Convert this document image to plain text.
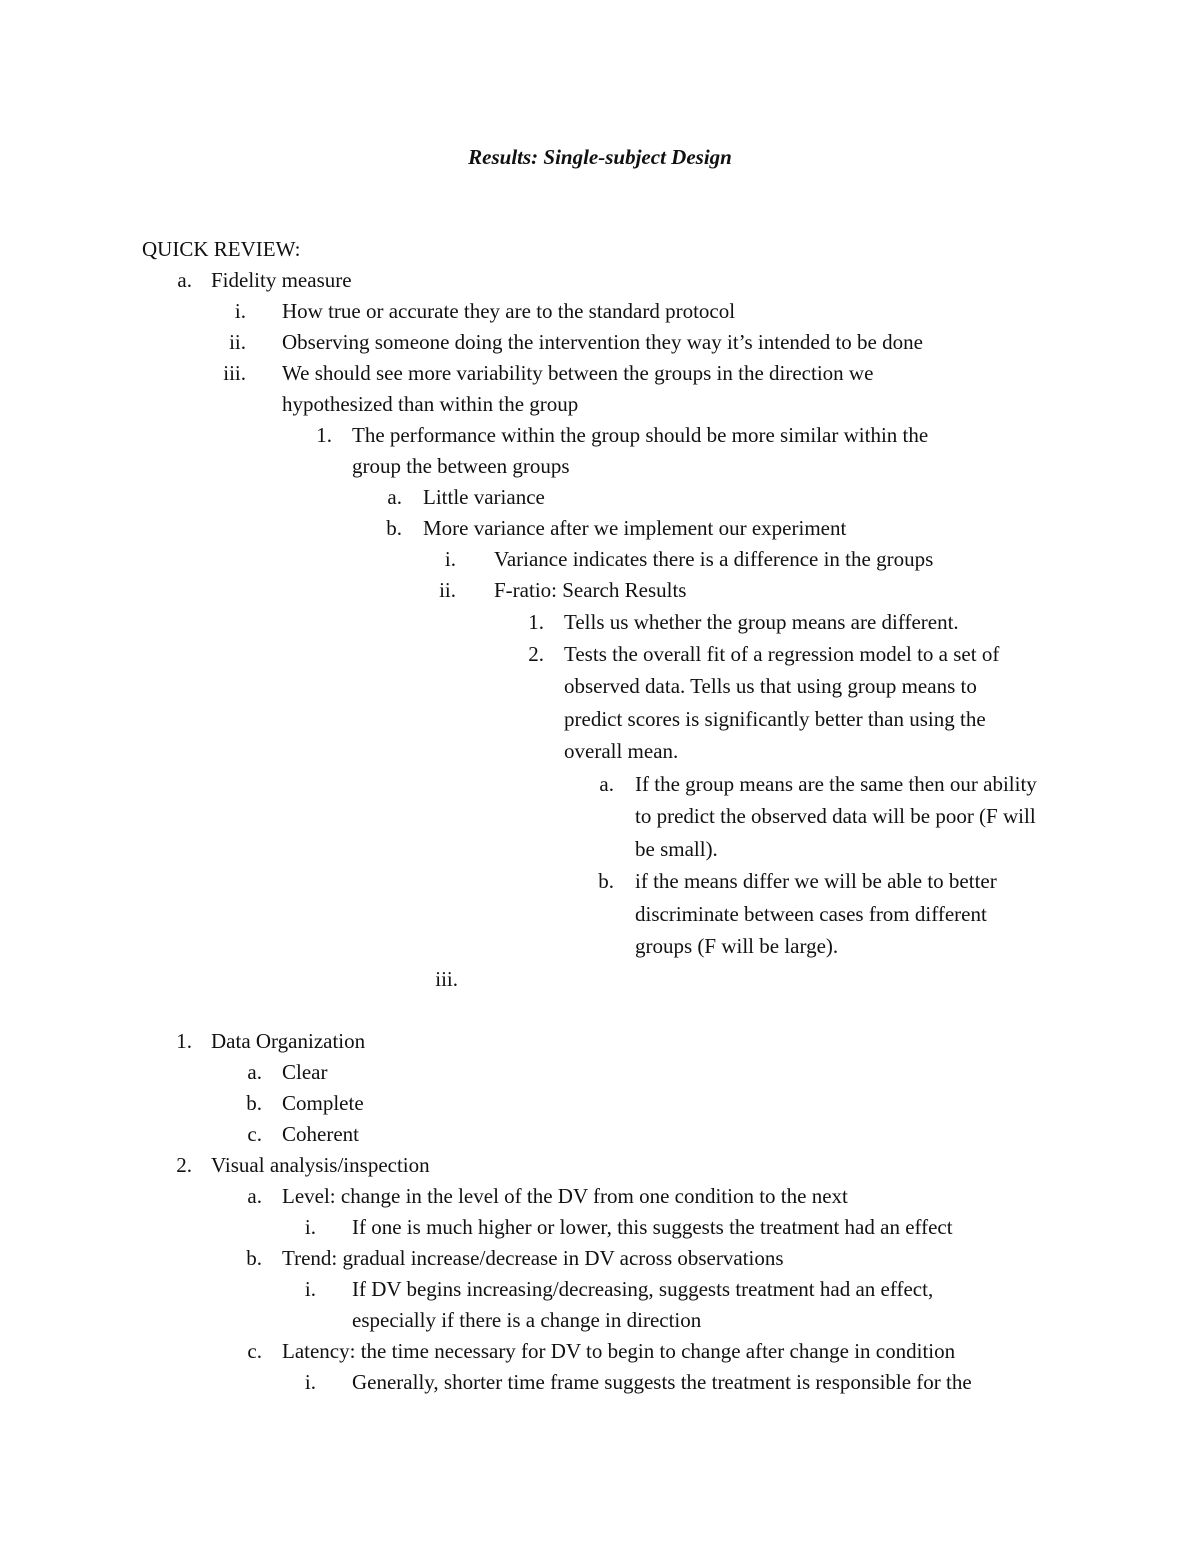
Results: Single-subject Design
QUICK REVIEW:
a. Fidelity measure
i. How true or accurate they are to the standard protocol
ii. Observing someone doing the intervention they way it’s intended to be done
iii. We should see more variability between the groups in the direction we
hypothesized than within the group
1. The performance within the group should be more similar within the
group the between groups
a. Little variance
b. More variance after we implement our experiment
i. Variance indicates there is a difference in the groups
ii. F-ratio: Search Results
1. Tells us whether the group means are different.
2. Tests the overall fit of a regression model to a set of
observed data. Tells us that using group means to
predict scores is significantly better than using the
overall mean.
a. If the group means are the same then our ability
to predict the observed data will be poor (F will
be small).
b. if the means differ we will be able to better
discriminate between cases from different
groups (F will be large).
iii.
1. Data Organization
a. Clear
b. Complete
c. Coherent
2. Visual analysis/inspection
a. Level: change in the level of the DV from one condition to the next
i. If one is much higher or lower, this suggests the treatment had an effect
b. Trend: gradual increase/decrease in DV across observations
i. If DV begins increasing/decreasing, suggests treatment had an effect,
especially if there is a change in direction
c. Latency: the time necessary for DV to begin to change after change in condition
i. Generally, shorter time frame suggests the treatment is responsible for the
